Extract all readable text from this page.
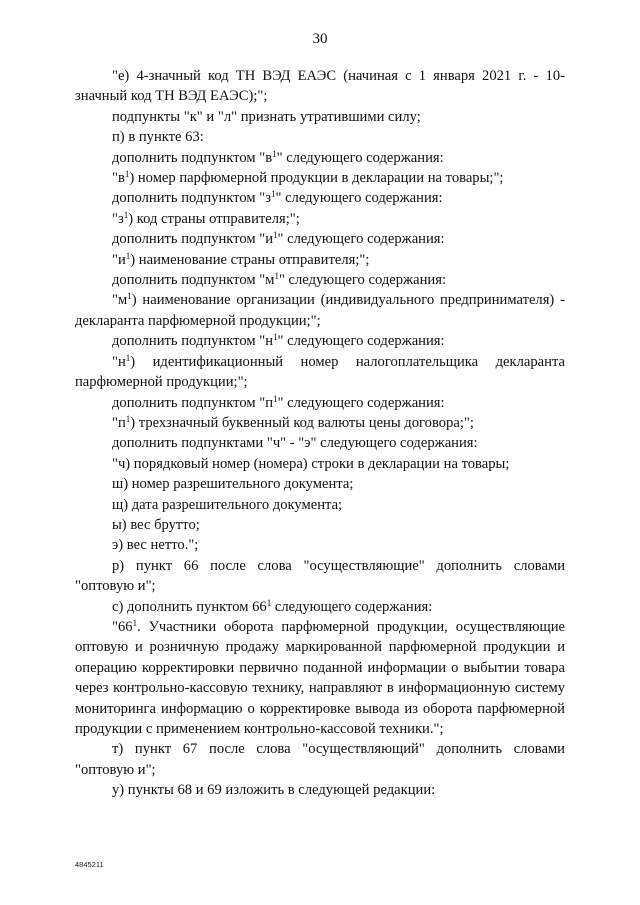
30

"е) 4-значный код ТН ВЭД ЕАЭС (начиная с 1 января 2021 г. - 10-значный код ТН ВЭД ЕАЭС);";

подпункты "к" и "л" признать утратившими силу;

п) в пункте 63:

дополнить подпунктом "$в^1$" следующего содержания:

"$в^1$) номер парфюмерной продукции в декларации на товары;";

дополнить подпунктом "$з^1$" следующего содержания:

"$з^1$) код страны отправителя;";

дополнить подпунктом "$и^1$" следующего содержания:

"$и^1$) наименование страны отправителя;";

дополнить подпунктом "$м^1$" следующего содержания:

"$м^1$) наименование организации (индивидуального предпринимателя) - декларанта парфюмерной продукции;";

дополнить подпунктом "$н^1$" следующего содержания:

"$н^1$) идентификационный номер налогоплательщика декларанта парфюмерной продукции;";

дополнить подпунктом "$п^1$" следующего содержания:

"$п^1$) трехзначный буквенный код валюты цены договора;";

дополнить подпунктами "ч" - "э" следующего содержания:

"ч) порядковый номер (номера) строки в декларации на товары;

ш) номер разрешительного документа;

щ) дата разрешительного документа;

ы) вес брутто;

э) вес нетто.";

р) пункт 66 после слова "осуществляющие" дополнить словами "оптовую и";

с) дополнить пунктом $66^1$ следующего содержания:

"$66^1$. Участники оборота парфюмерной продукции, осуществляющие оптовую и розничную продажу маркированной парфюмерной продукции и операцию корректировки первично поданной информации о выбытии товара через контрольно-кассовую технику, направляют в информационную систему мониторинга информацию о корректировке вывода из оборота парфюмерной продукции с применением контрольно-кассовой техники.";

т) пункт 67 после слова "осуществляющий" дополнить словами "оптовую и";

у) пункты 68 и 69 изложить в следующей редакции:

4845211
